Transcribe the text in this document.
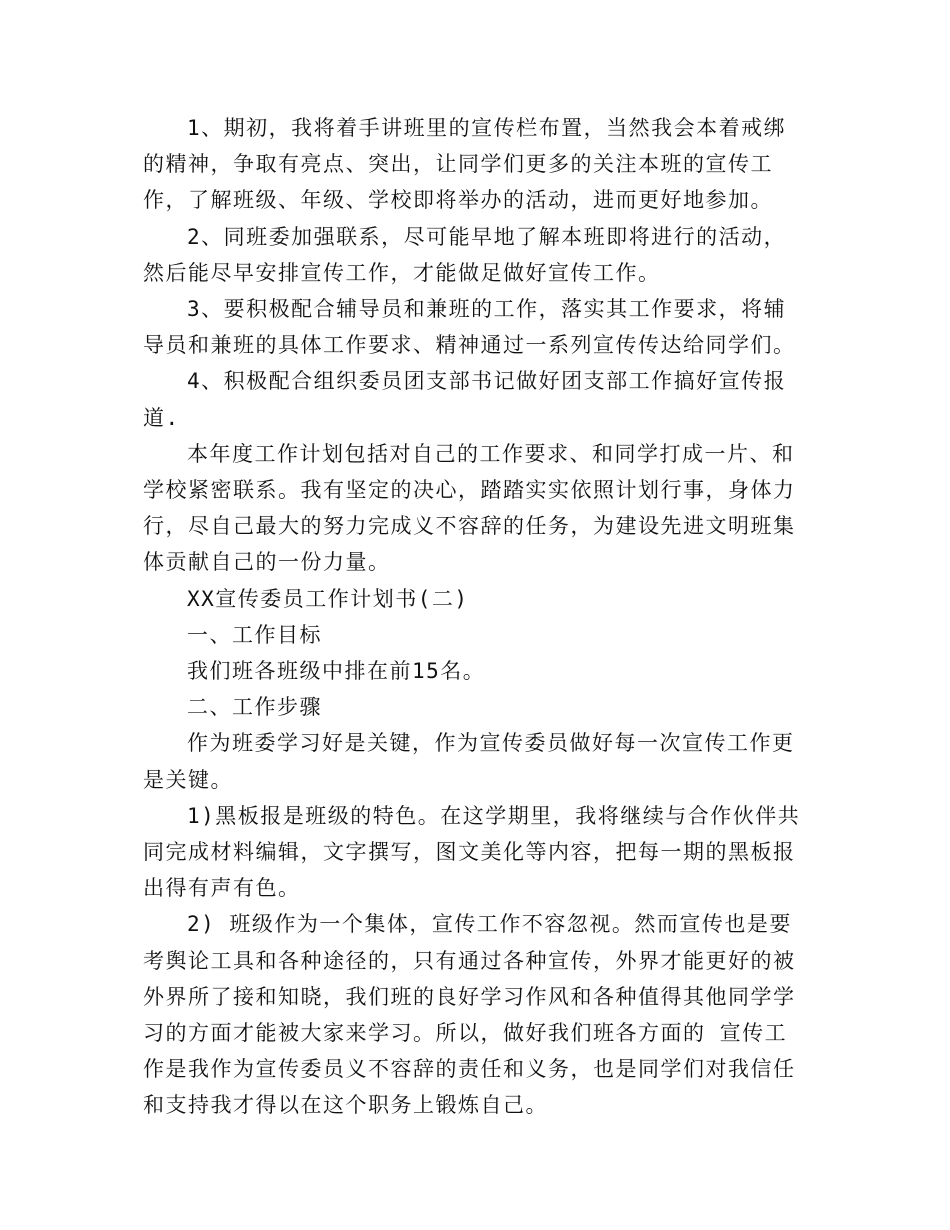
1、期初，我将着手讲班里的宣传栏布置，当然我会本着戒绑的精神，争取有亮点、突出，让同学们更多的关注本班的宣传工作，了解班级、年级、学校即将举办的活动，进而更好地参加。

2、同班委加强联系，尽可能早地了解本班即将进行的活动，然后能尽早安排宣传工作，才能做足做好宣传工作。

3、要积极配合辅导员和兼班的工作，落实其工作要求，将辅导员和兼班的具体工作要求、精神通过一系列宣传传达给同学们。

4、积极配合组织委员团支部书记做好团支部工作搞好宣传报道.

本年度工作计划包括对自己的工作要求、和同学打成一片、和学校紧密联系。我有坚定的决心，踏踏实实依照计划行事，身体力行，尽自己最大的努力完成义不容辞的任务，为建设先进文明班集体贡献自己的一份力量。

XX宣传委员工作计划书(二)

一、工作目标

我们班各班级中排在前15名。

二、工作步骤

作为班委学习好是关键，作为宣传委员做好每一次宣传工作更是关键。

1)黑板报是班级的特色。在这学期里，我将继续与合作伙伴共同完成材料编辑，文字撰写，图文美化等内容，把每一期的黑板报出得有声有色。

2) 班级作为一个集体，宣传工作不容忽视。然而宣传也是要考舆论工具和各种途径的，只有通过各种宣传，外界才能更好的被外界所了接和知晓，我们班的良好学习作风和各种值得其他同学学习的方面才能被大家来学习。所以，做好我们班各方面的 宣传工作是我作为宣传委员义不容辞的责任和义务，也是同学们对我信任和支持我才得以在这个职务上锻炼自己。
